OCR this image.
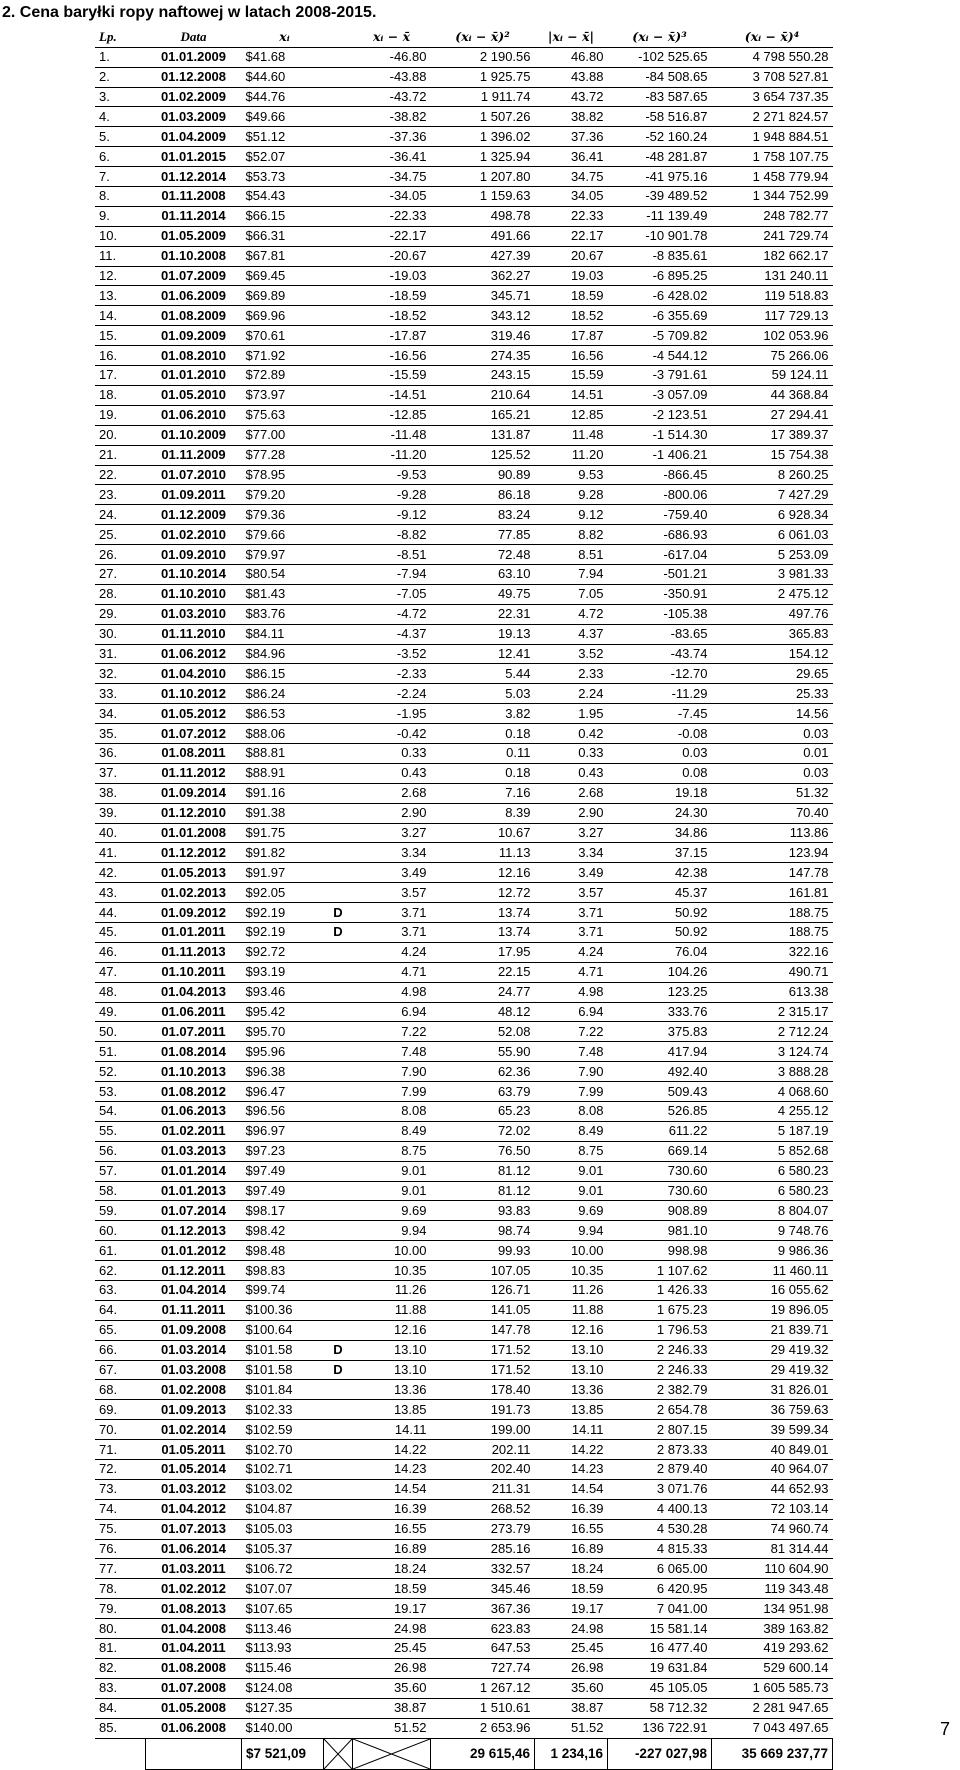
2. Cena baryłki ropy naftowej w latach 2008-2015.
Lp.	Data	xᵢ		xᵢ − x̄	(xᵢ − x̄)²	|xᵢ − x̄|	(xᵢ − x̄)³	(xᵢ − x̄)⁴
1.	01.01.2009	$41.68		-46.80	2 190.56	46.80	-102 525.65	4 798 550.28
2.	01.12.2008	$44.60		-43.88	1 925.75	43.88	-84 508.65	3 708 527.81
3.	01.02.2009	$44.76		-43.72	1 911.74	43.72	-83 587.65	3 654 737.35
4.	01.03.2009	$49.66		-38.82	1 507.26	38.82	-58 516.87	2 271 824.57
5.	01.04.2009	$51.12		-37.36	1 396.02	37.36	-52 160.24	1 948 884.51
6.	01.01.2015	$52.07		-36.41	1 325.94	36.41	-48 281.87	1 758 107.75
7.	01.12.2014	$53.73		-34.75	1 207.80	34.75	-41 975.16	1 458 779.94
8.	01.11.2008	$54.43		-34.05	1 159.63	34.05	-39 489.52	1 344 752.99
9.	01.11.2014	$66.15		-22.33	498.78	22.33	-11 139.49	248 782.77
10.	01.05.2009	$66.31		-22.17	491.66	22.17	-10 901.78	241 729.74
11.	01.10.2008	$67.81		-20.67	427.39	20.67	-8 835.61	182 662.17
12.	01.07.2009	$69.45		-19.03	362.27	19.03	-6 895.25	131 240.11
13.	01.06.2009	$69.89		-18.59	345.71	18.59	-6 428.02	119 518.83
14.	01.08.2009	$69.96		-18.52	343.12	18.52	-6 355.69	117 729.13
15.	01.09.2009	$70.61		-17.87	319.46	17.87	-5 709.82	102 053.96
16.	01.08.2010	$71.92		-16.56	274.35	16.56	-4 544.12	75 266.06
17.	01.01.2010	$72.89		-15.59	243.15	15.59	-3 791.61	59 124.11
18.	01.05.2010	$73.97		-14.51	210.64	14.51	-3 057.09	44 368.84
19.	01.06.2010	$75.63		-12.85	165.21	12.85	-2 123.51	27 294.41
20.	01.10.2009	$77.00		-11.48	131.87	11.48	-1 514.30	17 389.37
21.	01.11.2009	$77.28		-11.20	125.52	11.20	-1 406.21	15 754.38
22.	01.07.2010	$78.95		-9.53	90.89	9.53	-866.45	8 260.25
23.	01.09.2011	$79.20		-9.28	86.18	9.28	-800.06	7 427.29
24.	01.12.2009	$79.36		-9.12	83.24	9.12	-759.40	6 928.34
25.	01.02.2010	$79.66		-8.82	77.85	8.82	-686.93	6 061.03
26.	01.09.2010	$79.97		-8.51	72.48	8.51	-617.04	5 253.09
27.	01.10.2014	$80.54		-7.94	63.10	7.94	-501.21	3 981.33
28.	01.10.2010	$81.43		-7.05	49.75	7.05	-350.91	2 475.12
29.	01.03.2010	$83.76		-4.72	22.31	4.72	-105.38	497.76
30.	01.11.2010	$84.11		-4.37	19.13	4.37	-83.65	365.83
31.	01.06.2012	$84.96		-3.52	12.41	3.52	-43.74	154.12
32.	01.04.2010	$86.15		-2.33	5.44	2.33	-12.70	29.65
33.	01.10.2012	$86.24		-2.24	5.03	2.24	-11.29	25.33
34.	01.05.2012	$86.53		-1.95	3.82	1.95	-7.45	14.56
35.	01.07.2012	$88.06		-0.42	0.18	0.42	-0.08	0.03
36.	01.08.2011	$88.81		0.33	0.11	0.33	0.03	0.01
37.	01.11.2012	$88.91		0.43	0.18	0.43	0.08	0.03
38.	01.09.2014	$91.16		2.68	7.16	2.68	19.18	51.32
39.	01.12.2010	$91.38		2.90	8.39	2.90	24.30	70.40
40.	01.01.2008	$91.75		3.27	10.67	3.27	34.86	113.86
41.	01.12.2012	$91.82		3.34	11.13	3.34	37.15	123.94
42.	01.05.2013	$91.97		3.49	12.16	3.49	42.38	147.78
43.	01.02.2013	$92.05		3.57	12.72	3.57	45.37	161.81
44.	01.09.2012	$92.19	D	3.71	13.74	3.71	50.92	188.75
45.	01.01.2011	$92.19	D	3.71	13.74	3.71	50.92	188.75
46.	01.11.2013	$92.72		4.24	17.95	4.24	76.04	322.16
47.	01.10.2011	$93.19		4.71	22.15	4.71	104.26	490.71
48.	01.04.2013	$93.46		4.98	24.77	4.98	123.25	613.38
49.	01.06.2011	$95.42		6.94	48.12	6.94	333.76	2 315.17
50.	01.07.2011	$95.70		7.22	52.08	7.22	375.83	2 712.24
51.	01.08.2014	$95.96		7.48	55.90	7.48	417.94	3 124.74
52.	01.10.2013	$96.38		7.90	62.36	7.90	492.40	3 888.28
53.	01.08.2012	$96.47		7.99	63.79	7.99	509.43	4 068.60
54.	01.06.2013	$96.56		8.08	65.23	8.08	526.85	4 255.12
55.	01.02.2011	$96.97		8.49	72.02	8.49	611.22	5 187.19
56.	01.03.2013	$97.23		8.75	76.50	8.75	669.14	5 852.68
57.	01.01.2014	$97.49		9.01	81.12	9.01	730.60	6 580.23
58.	01.01.2013	$97.49		9.01	81.12	9.01	730.60	6 580.23
59.	01.07.2014	$98.17		9.69	93.83	9.69	908.89	8 804.07
60.	01.12.2013	$98.42		9.94	98.74	9.94	981.10	9 748.76
61.	01.01.2012	$98.48		10.00	99.93	10.00	998.98	9 986.36
62.	01.12.2011	$98.83		10.35	107.05	10.35	1 107.62	11 460.11
63.	01.04.2014	$99.74		11.26	126.71	11.26	1 426.33	16 055.62
64.	01.11.2011	$100.36		11.88	141.05	11.88	1 675.23	19 896.05
65.	01.09.2008	$100.64		12.16	147.78	12.16	1 796.53	21 839.71
66.	01.03.2014	$101.58	D	13.10	171.52	13.10	2 246.33	29 419.32
67.	01.03.2008	$101.58	D	13.10	171.52	13.10	2 246.33	29 419.32
68.	01.02.2008	$101.84		13.36	178.40	13.36	2 382.79	31 826.01
69.	01.09.2013	$102.33		13.85	191.73	13.85	2 654.78	36 759.63
70.	01.02.2014	$102.59		14.11	199.00	14.11	2 807.15	39 599.34
71.	01.05.2011	$102.70		14.22	202.11	14.22	2 873.33	40 849.01
72.	01.05.2014	$102.71		14.23	202.40	14.23	2 879.40	40 964.07
73.	01.03.2012	$103.02		14.54	211.31	14.54	3 071.76	44 652.93
74.	01.04.2012	$104.87		16.39	268.52	16.39	4 400.13	72 103.14
75.	01.07.2013	$105.03		16.55	273.79	16.55	4 530.28	74 960.74
76.	01.06.2014	$105.37		16.89	285.16	16.89	4 815.33	81 314.44
77.	01.03.2011	$106.72		18.24	332.57	18.24	6 065.00	110 604.90
78.	01.02.2012	$107.07		18.59	345.46	18.59	6 420.95	119 343.48
79.	01.08.2013	$107.65		19.17	367.36	19.17	7 041.00	134 951.98
80.	01.04.2008	$113.46		24.98	623.83	24.98	15 581.14	389 163.82
81.	01.04.2011	$113.93		25.45	647.53	25.45	16 477.40	419 293.62
82.	01.08.2008	$115.46		26.98	727.74	26.98	19 631.84	529 600.14
83.	01.07.2008	$124.08		35.60	1 267.12	35.60	45 105.05	1 605 585.73
84.	01.05.2008	$127.35		38.87	1 510.61	38.87	58 712.32	2 281 947.65
85.	01.06.2008	$140.00		51.52	2 653.96	51.52	136 722.91	7 043 497.65
		$7 521,09			29 615,46	1 234,16	-227 027,98	35 669 237,77
7
